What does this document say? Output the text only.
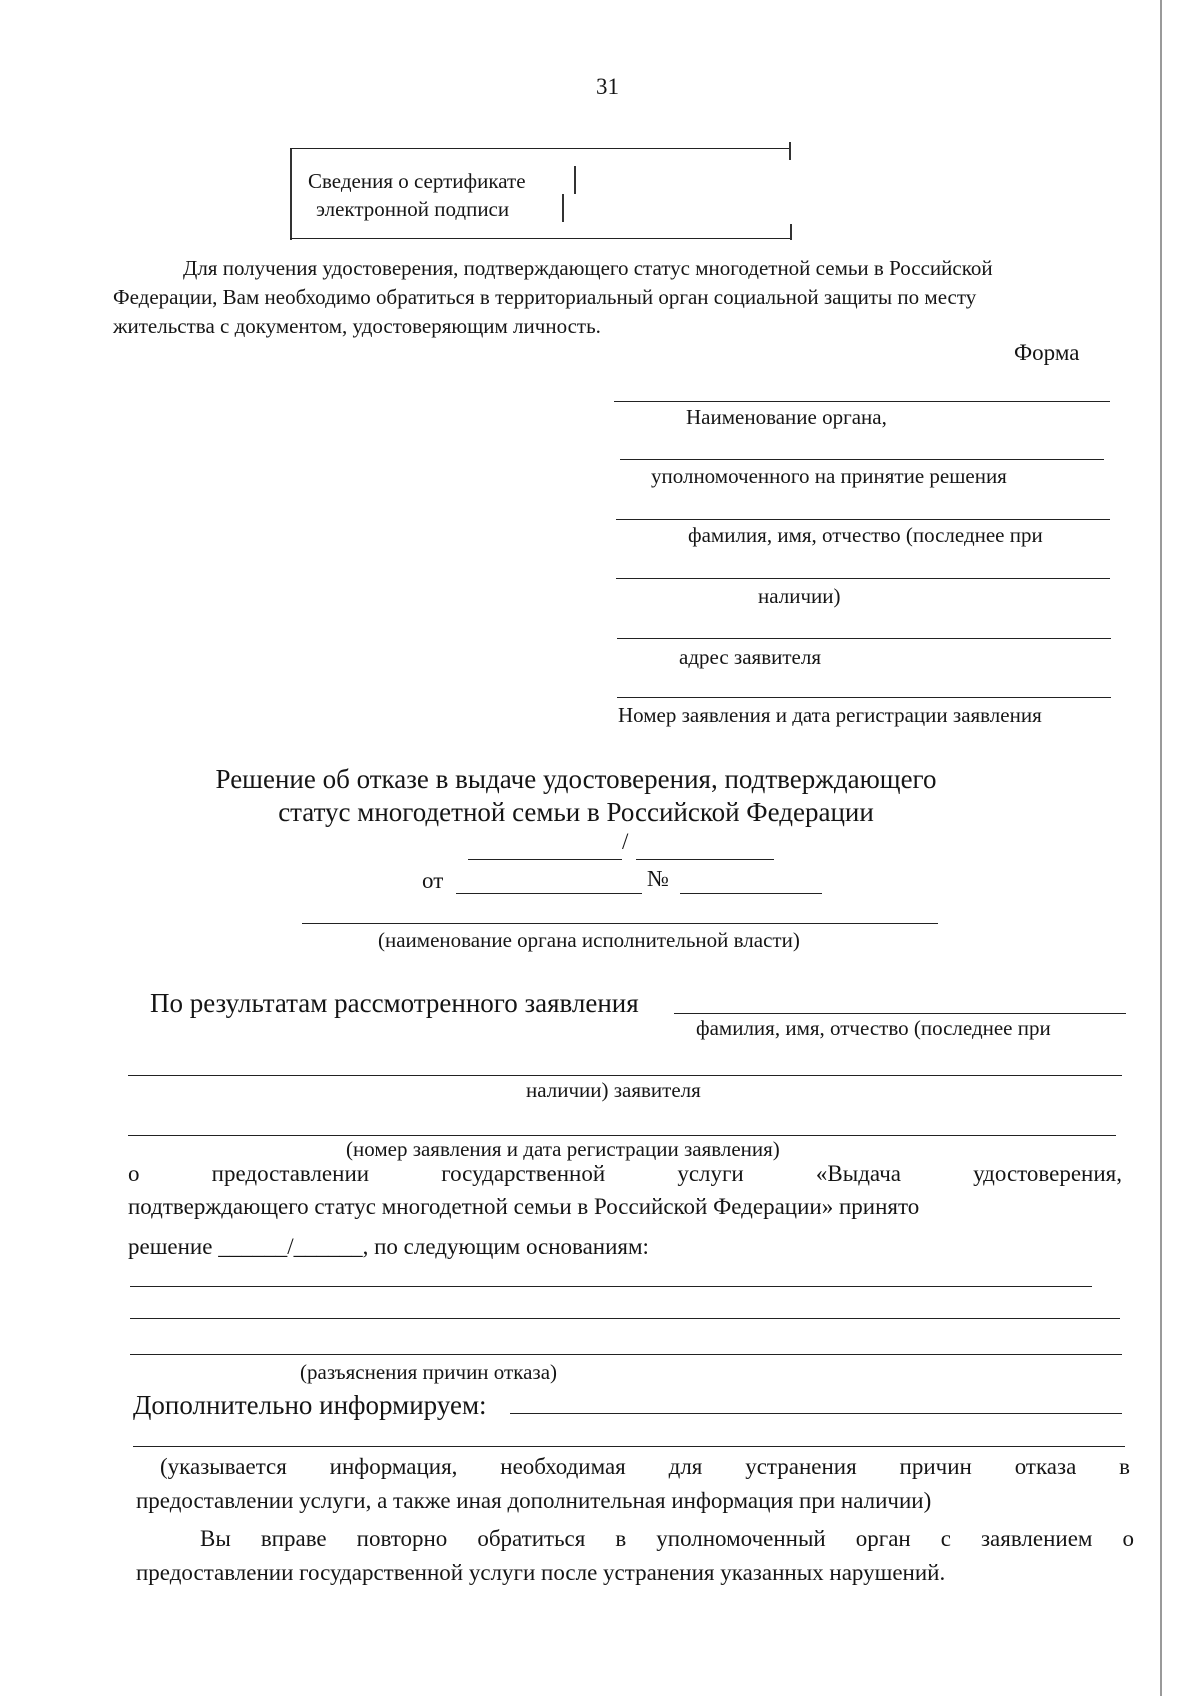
31
Сведения о сертификате
электронной подписи
Для получения удостоверения, подтверждающего статус многодетной семьи в Российской
Федерации, Вам необходимо обратиться в территориальный орган социальной защиты по месту
жительства с документом, удостоверяющим личность.
Форма
Наименование органа,
уполномоченного на принятие решения
фамилия, имя, отчество (последнее при
наличии)
адрес заявителя
Номер заявления и дата регистрации заявления
Решение об отказе в выдаче удостоверения, подтверждающего
статус многодетной семьи в Российской Федерации
/
от	№
(наименование органа исполнительной власти)
По результатам рассмотренного заявления
фамилия, имя, отчество (последнее при
наличии) заявителя
(номер заявления и дата регистрации заявления)
о предоставлении государственной услуги «Выдача удостоверения,
подтверждающего статус многодетной семьи в Российской Федерации» принято
решение ______/______, по следующим основаниям:
(разъяснения причин отказа)
Дополнительно информируем:
(указывается информация, необходимая для устранения причин отказа в
предоставлении услуги, а также иная дополнительная информация при наличии)
Вы вправе повторно обратиться в уполномоченный орган с заявлением о
предоставлении государственной услуги после устранения указанных нарушений.
